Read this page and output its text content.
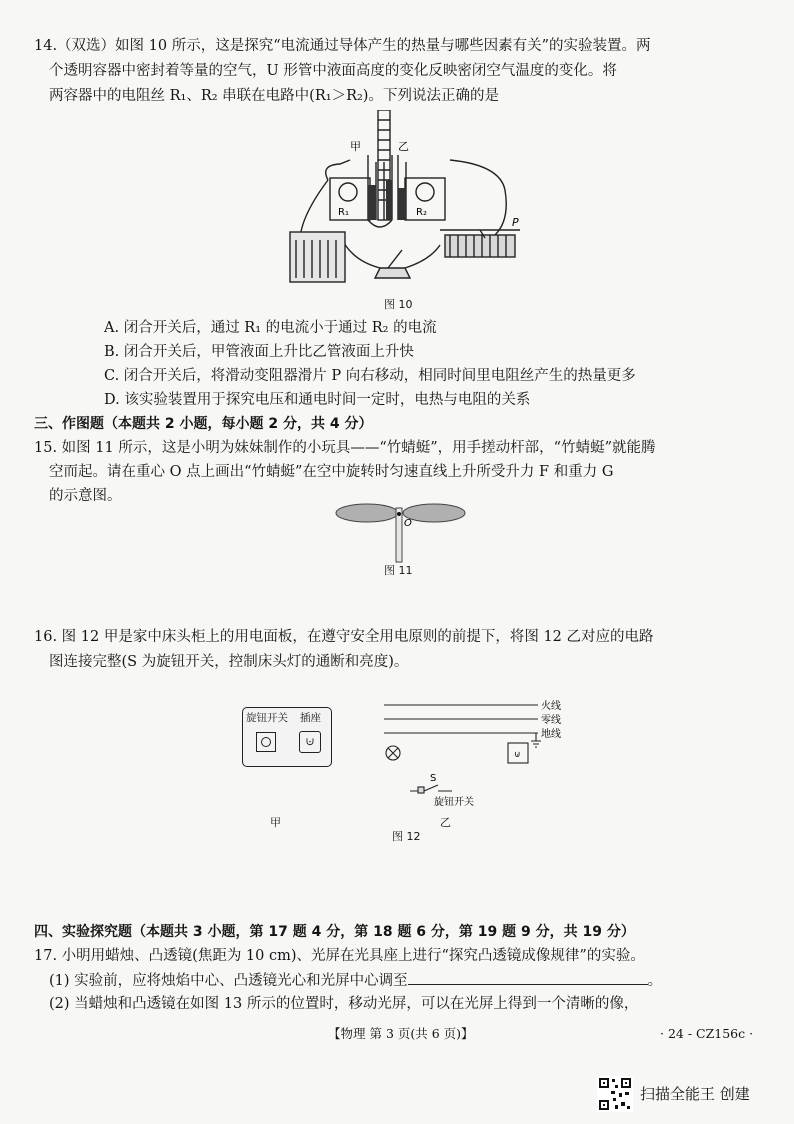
14.（双选）如图 10 所示，这是探究“电流通过导体产生的热量与哪些因素有关”的实验装置。两
个透明容器中密封着等量的空气，U 形管中液面高度的变化反映密闭空气温度的变化。将
两容器中的电阻丝 R₁、R₂ 串联在电路中(R₁＞R₂)。下列说法正确的是
甲	乙
R₁	R₂
P
图 10
A. 闭合开关后，通过 R₁ 的电流小于通过 R₂ 的电流
B. 闭合开关后，甲管液面上升比乙管液面上升快
C. 闭合开关后，将滑动变阻器滑片 P 向右移动，相同时间里电阻丝产生的热量更多
D. 该实验装置用于探究电压和通电时间一定时，电热与电阻的关系
三、作图题（本题共 2 小题，每小题 2 分，共 4 分）
15. 如图 11 所示，这是小明为妹妹制作的小玩具——“竹蜻蜓”，用手搓动杆部，“竹蜻蜓”就能腾
空而起。请在重心 O 点上画出“竹蜻蜓”在空中旋转时匀速直线上升所受升力 F 和重力 G
的示意图。
O
图 11
16. 图 12 甲是家中床头柜上的用电面板，在遵守安全用电原则的前提下，将图 12 乙对应的电路
图连接完整(S 为旋钮开关，控制床头灯的通断和亮度)。
旋钮开关 插座
⊍
甲
⊍
火线
零线
地线
S
旋钮开关
乙
图 12
四、实验探究题（本题共 3 小题，第 17 题 4 分，第 18 题 6 分，第 19 题 9 分，共 19 分）
17. 小明用蜡烛、凸透镜(焦距为 10 cm)、光屏在光具座上进行“探究凸透镜成像规律”的实验。
(1) 实验前，应将烛焰中心、凸透镜光心和光屏中心调至	。
(2) 当蜡烛和凸透镜在如图 13 所示的位置时，移动光屏，可以在光屏上得到一个清晰的像，
【物理 第 3 页(共 6 页)】	· 24 - CZ156c ·
扫描全能王 创建
